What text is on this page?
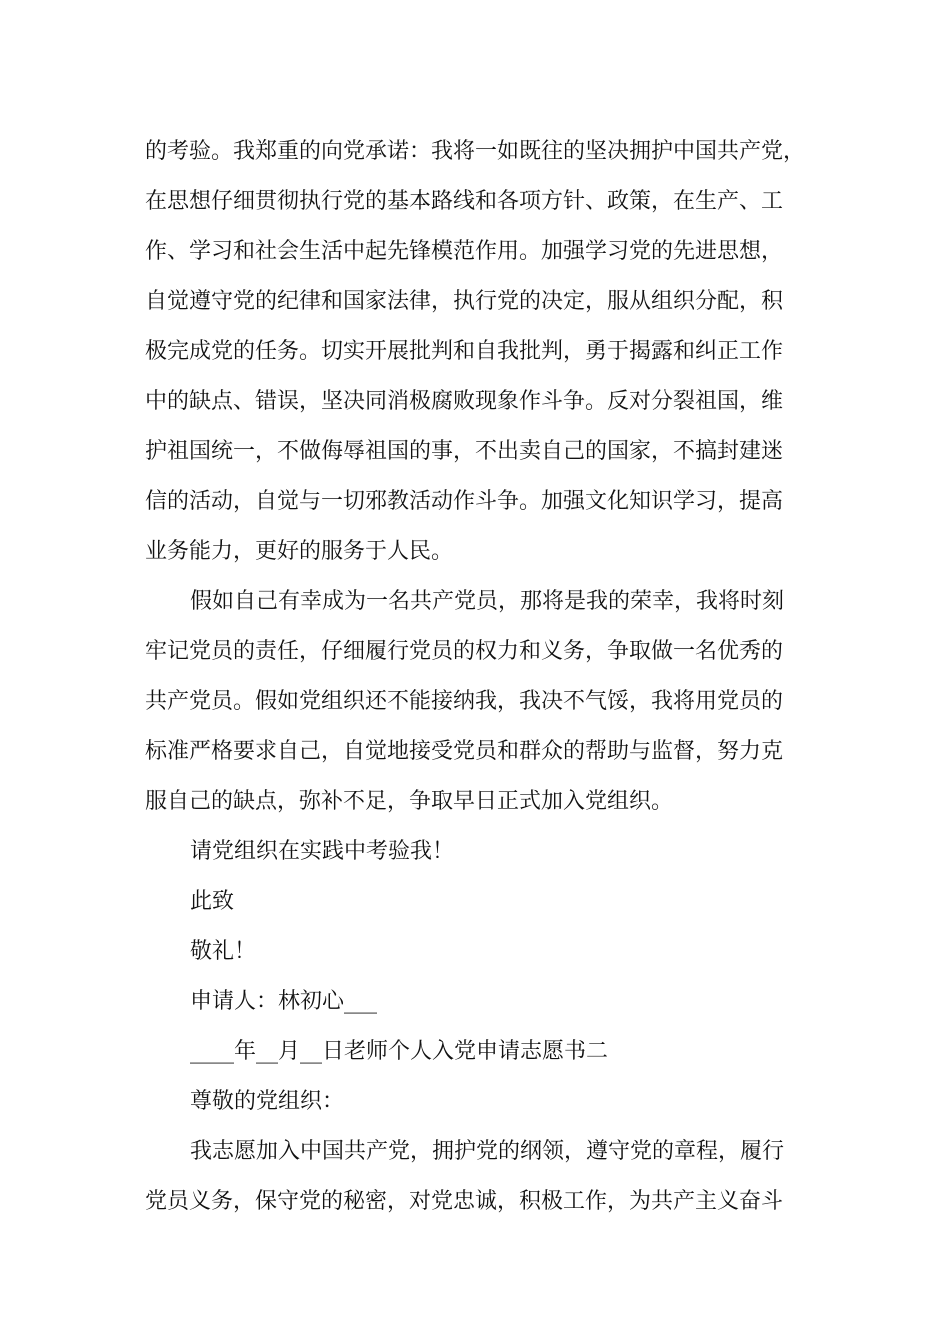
的考验。我郑重的向党承诺：我将一如既往的坚决拥护中国共产党，
在思想仔细贯彻执行党的基本路线和各项方针、政策，在生产、工
作、学习和社会生活中起先锋模范作用。加强学习党的先进思想，
自觉遵守党的纪律和国家法律，执行党的决定，服从组织分配，积
极完成党的任务。切实开展批判和自我批判，勇于揭露和纠正工作
中的缺点、错误，坚决同消极腐败现象作斗争。反对分裂祖国，维
护祖国统一，不做侮辱祖国的事，不出卖自己的国家，不搞封建迷
信的活动，自觉与一切邪教活动作斗争。加强文化知识学习，提高
业务能力，更好的服务于人民。
假如自己有幸成为一名共产党员，那将是我的荣幸，我将时刻
牢记党员的责任，仔细履行党员的权力和义务，争取做一名优秀的
共产党员。假如党组织还不能接纳我，我决不气馁，我将用党员的
标准严格要求自己，自觉地接受党员和群众的帮助与监督，努力克
服自己的缺点，弥补不足，争取早日正式加入党组织。
请党组织在实践中考验我！
此致
敬礼！
申请人：林初心___
____年__月__日老师个人入党申请志愿书二
尊敬的党组织：
我志愿加入中国共产党，拥护党的纲领，遵守党的章程，履行
党员义务，保守党的秘密，对党忠诚，积极工作，为共产主义奋斗
